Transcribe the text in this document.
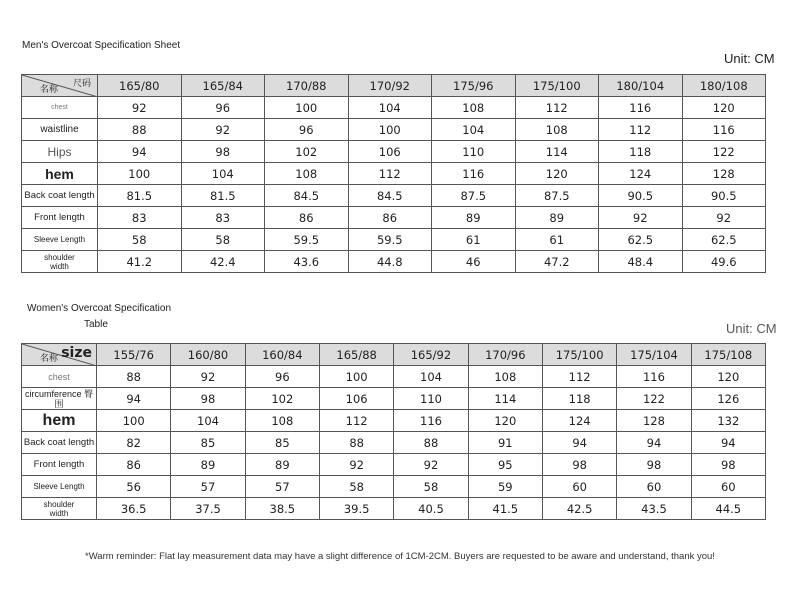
Men's Overcoat Specification Sheet
Unit: CM
尺码
名称	165/80	165/84	170/88	170/92	175/96	175/100	180/104	180/108
chest	92	96	100	104	108	112	116	120
waistline	88	92	96	100	104	108	112	116
Hips	94	98	102	106	110	114	118	122
hem	100	104	108	112	116	120	124	128
Back coat length	81.5	81.5	84.5	84.5	87.5	87.5	90.5	90.5
Front length	83	83	86	86	89	89	92	92
Sleeve Length	58	58	59.5	59.5	61	61	62.5	62.5
shoulder width	41.2	42.4	43.6	44.8	46	47.2	48.4	49.6
Women's Overcoat Specification
Table	Unit: CM
size
名称	155/76	160/80	160/84	165/88	165/92	170/96	175/100	175/104	175/108
chest	88	92	96	100	104	108	112	116	120
circumference 臀围	94	98	102	106	110	114	118	122	126
hem	100	104	108	112	116	120	124	128	132
Back coat length	82	85	85	88	88	91	94	94	94
Front length	86	89	89	92	92	95	98	98	98
Sleeve Length	56	57	57	58	58	59	60	60	60
shoulder width	36.5	37.5	38.5	39.5	40.5	41.5	42.5	43.5	44.5
*Warm reminder: Flat lay measurement data may have a slight difference of 1CM-2CM. Buyers are requested to be aware and understand, thank you!
